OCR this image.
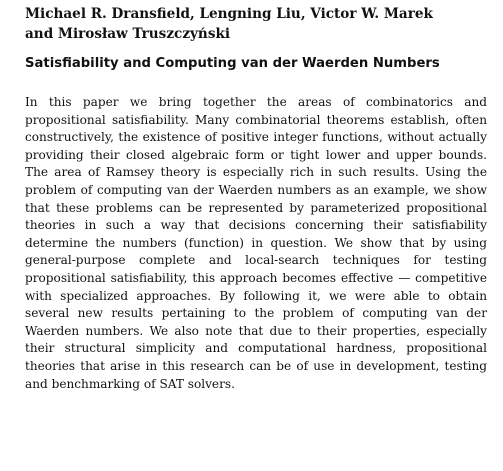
Michael R. Dransfield, Lengning Liu, Victor W. Marek
and Mirosław Truszczyński
Satisfiability and Computing van der Waerden Numbers

In this paper we bring together the areas of combinatorics and propositional satisfiability. Many combinatorial theorems establish, often constructively, the existence of positive integer functions, without actually providing their closed algebraic form or tight lower and upper bounds. The area of Ramsey theory is especially rich in such results. Using the problem of computing van der Waerden numbers as an example, we show that these problems can be represented by parameterized propositional theories in such a way that decisions concerning their satisfiability determine the numbers (function) in question. We show that by using general-purpose complete and local-search techniques for testing propositional satisfiability, this approach becomes effective — competitive with specialized approaches. By following it, we were able to obtain several new results pertaining to the problem of computing van der Waerden numbers. We also note that due to their properties, especially their structural simplicity and computational hardness, propositional theories that arise in this research can be of use in development, testing and benchmarking of SAT solvers.
